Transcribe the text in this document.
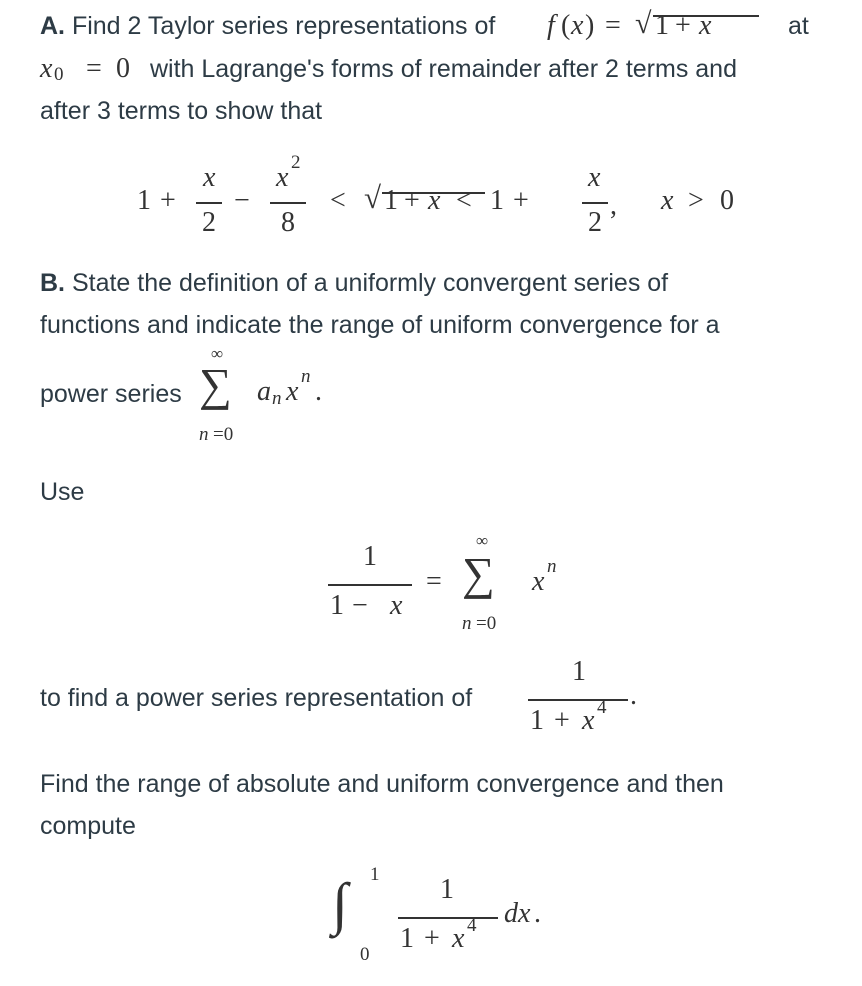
A. Find 2 Taylor series representations of f ( x ) = √ 1 + x	at
x 0 = 0 with Lagrange's forms of remainder after 2 terms and
after 3 terms to show that
1 +
x
2
−
x 2
8
< √ 1 + x < 1 +
x
2
, x > 0
B. State the definition of a uniformly convergent series of
functions and indicate the range of uniform convergence for a
power series
∞
∑
n =0
a n x n .
Use
1
1 − x
=
∞
∑
n =0
x n
to find a power series representation of
1
1 + x 4 .
Find the range of absolute and uniform convergence and then
compute
∫ 1
0
1
1 + x 4 dx .
